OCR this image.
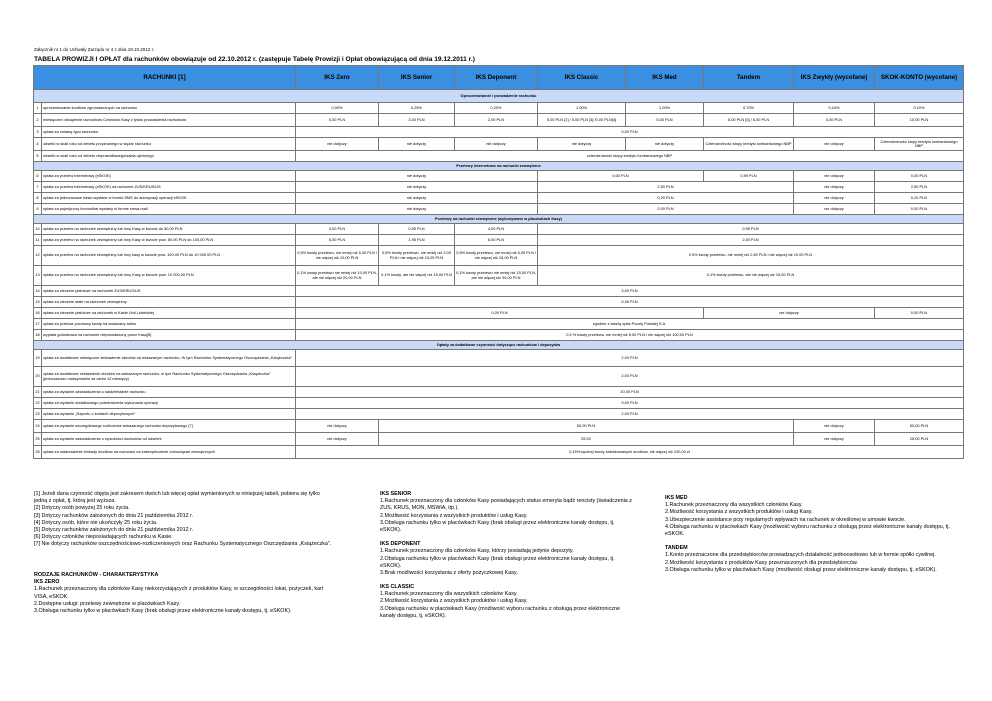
Załącznik nr 1 do Uchwały Zarządu nr 4 z dnia 19.10.2012 r.
TABELA PROWIZJI I OPŁAT dla rachunków obowiązuje od 22.10.2012 r. (zastępuje Tabelę Prowizji i Opłat obowiązującą od dnia 19.12.2011 r.)
RACHUNKI [1]		IKS Zero	IKS Senior	IKS Deponent	IKS Classic	IKS Med	Tandem	IKS Zwykły (wycofane)	SKOK-KONTO (wycofane)
Oprocentowanie i prowadzenie rachunku									
1	oprocentowanie środków zgromadzonych na rachunku	0,00%	0,25%	0,20%	1,00%	1,00%	0,70%	0,10%	0,10%
2	miesięczne obciążenie rachunków Członków Kasy z tytułu prowadzenia rachunków	0,00 PLN	3,00 PLN	2,00 PLN	5,00 PLN [2] / 5,00 PLN [3] /0,00 PLN[4]	5,00 PLN	6,00 PLN [5] / 6,00 PLN	0,00 PLN	10,00 PLN
3	opłata za zmianę typu rachunku	0,00 PLN							
4	odsetki w skali roku od debetu przyznanego w ciężar rachunku	nie dotyczy	nie dotyczy	nie dotyczy	nie dotyczy	nie dotyczy	Czterokrotność stopy kredytu lombardowego NBP	nie dotyczy	Czterokrotność stopy kredytu lombardowego NBP
5	odsetki w skali roku od debetu nieprawidłowego/salda ujemnego	czterokrotność stopy kredytu lombardowego NBP							
Przelewy internetowe na rachunki zewnętrzne									
6	opłata za przelew internetowy (eSKOK)	nie dotyczy			0,00 PLN		0,99 PLN	nie dotyczy	0,00 PLN
7	opłata za przelew internetowy (eSKOK) na rachunek ZUS/KRUS/US	nie dotyczy			2,50 PLN			nie dotyczy	2,50 PLN
8	opłata za jednorazowe hasło wysłane w formie SMS do autoryzacji operacji eSKOK	nie dotyczy			0,20 PLN			nie dotyczy	0,20 PLN
9	opłata za pojedynczy komunikat wysłany w formie smsa-mail	nie dotyczy			0,00 PLN			nie dotyczy	0,00 PLN
Przelewy na rachunki zewnętrzne (wykonywane w placówkach Kasy)									
10	opłata za przelew na rachunek zewnętrzny lub inny Kasy w kwocie do 50,00 PLN	3,00 PLN	0,95 PLN	4,00 PLN	0,95 PLN				
11	opłata za przelew na rachunek zewnętrzny lub inny Kasy w kwocie pow. 50,00 PLN do 100,00 PLN	5,00 PLN	1,95 PLN	6,00 PLN	2,00 PLN				
12	opłata za przelew na rachunek zewnętrzny lub inny kasy w kwocie pow. 100,00 PLN do 10 000,00 PLN	0,5% kwoty przelewu, nie mniej niż 5,00 PLN i nie więcej niż 10,00 PLN	0,5% kwoty przelewu, nie mniej niż 3,00 PLN i nie więcej niż 10,00 PLN	0,5% kwoty przelewu, nie mniej niż 6,00 PLN i nie więcej niż 15,00 PLN	0,5% kwoty przelewu, nie mniej niż 2,50 PLN i nie więcej niż 10,00 PLN				
13	opłata za przelew na rachunek zewnętrzny lub inny Kasy w kwocie pow. 10 000,00 PLN	0,1% kwoty przelewu nie mniej niż 10,00 PLN, ale nie więcej niż 20,00 PLN	0,1% kwoty, ale nie więcej niż 15,00 PLN	0,1% kwoty przelewu nie mniej niż 15,00 PLN, ale nie więcej niż 30,00 PLN	0,1% kwoty przelewu, ale nie więcej niż 15,00 PLN				
14	opłata za zlecenie płatnicze na rachunek ZUS/KRUS/US	3,00 PLN							
15	opłata za zlecenie stałe na rachunek zewnętrzny	0,95 PLN							
16	opłata za zlecenie płatnicze na rachunek w Kasie Unii Lubelskiej	0,00 PLN					nie dotyczy		0,00 PLN
17	opłata za przekaz pocztowy kwoty na wskazany adres	zgodnie z tabelą opłat Poczty Polskiej S.A.							
18	wypłata gotówkowa na rachunek nieprowadzony przez Kasę[6]	0,5 % kwoty przelewu, nie mniej niż 6,00 PLN i nie więcej niż 100,00 PLN							
Opłaty za dodatkowe czynności dotyczące rachunków i depozytów									
19	opłata za dodatkowe miesięczne zestawienie obrotów na wskazanym rachunku, W tym Rachunku Systematycznego Oszczędzania „Książeczka”	2,00 PLN							
20	opłata za dodatkowe zestawienie obrotów na wskazanym rachunku, w tym Rachunku Systematycznego Oszczędzania „Książeczka” (jednorazowo maksymalnie za okres 12 miesięcy)	2,00 PLN							
21	opłata za wydanie zaświadczenia o saldzie/stanie rachunku	10,00 PLN							
22	opłata za wydanie dodatkowego potwierdzenia wykonania operacji	9,00 PLN							
23	opłata za wydanie „Raportu o kontach depozytowych”	2,00 PLN							
24	opłata za wydanie szczegółowego rozliczenia wskazanego rachunku depozytowego [7]	nie dotyczy	50,00 PLN					nie dotyczy	50,00 PLN
25	opłata za wydanie zaświadczenia o wysokości dochodów od odsetek	nie dotyczy	25,00					nie dotyczy	25,00 PLN
26	opłata za ustanowienie blokady środków na rachunku na zabezpieczenie zobowiązań zewnętrznych	0,15% łącznej kwoty zablokowanych środków, nie więcej niż 100,00 zł							
[1] Jeżeli dana czynność objęta jest zakresem dwóch lub więcej opłat wymienionych w niniejszej tabeli, pobiera się tylko jedną z opłat, tj. którą jest wyższa.
[2] Dotyczy osób powyżej 25 roku życia.
[3] Dotyczy rachunków założonych do dnia 21 października 2012 r.
[4] Dotyczy osób, które nie ukończyły 25 roku życia.
[5] Dotyczy rachunków założonych do dnia 21 października 2012 r.
[6] Dotyczy członków nieposiadających rachunku w Kasie.
[7] Nie dotyczy rachunków oszczędnościowo-rozliczeniowych oraz Rachunku Systematycznego Oszczędzania „Książeczka”.
RODZAJE RACHUNKÓW - CHARAKTERYSTYKA
IKS ZERO
1.Rachunek przeznaczony dla członków Kasy niekorzystających z produktów Kasy, w szczególności lokat, pożyczek, kart VISA, eSKOK.
2.Dostępne usługi: przelewy zewnętrzne w placówkach Kasy.
3.Obsługa rachunku tylko w placówkach Kasy (brak obsługi przez elektroniczne kanały dostępu, tj. eSKOK).
IKS SENIOR
1.Rachunek przeznaczony dla członków Kasy posiadających status emeryta bądź rencisty (świadczenia z ZUS, KRUS, MON, MSWiA, itp.).
2.Możliwość korzystania z wszystkich produktów i usług Kasy.
3.Obsługa rachunku tylko w placówkach Kasy (brak obsługi przez elektroniczne kanały dostępu, tj. eSKOK).
IKS DEPONENT
1.Rachunek przeznaczony dla członków Kasy, którzy posiadają jedynie depozyty.
2.Obsługa rachunku tylko w placówkach Kasy (brak obsługi przez elektroniczne kanały dostępu, tj. eSKOK).
3.Brak możliwości korzystania z oferty pożyczkowej Kasy.
IKS CLASSIC
1.Rachunek przeznaczony dla wszystkich członków Kasy.
2.Możliwość korzystania z wszystkich produktów i usług Kasy.
3.Obsługa rachunku w placówkach Kasy (możliwość wyboru rachunku z obsługą przez elektroniczne kanały dostępu, tj. eSKOK).
IKS MED
1.Rachunek przeznaczony dla wszystkich członków Kasy.
2.Możliwość korzystania z wszystkich produktów i usług Kasy.
3.Ubezpieczenie assistance przy regularnych wpływach na rachunek w określonej w umowie kwocie.
4.Obsługa rachunku w placówkach Kasy (możliwość wyboru rachunku z obsługą przez elektroniczne kanały dostępu, tj. eSKOK.
TANDEM
1.Konto przeznaczone dla przedsiębiorców prowadzących działalność jednoosobowo lub w formie spółki cywilnej.
2.Możliwość korzystania z produktów Kasy przeznaczonych dla przedsiębiorców.
3.Obsługa rachunku tylko w placówkach Kasy (możliwość obsługi przez elektroniczne kanały dostępu, tj. eSKOK).
